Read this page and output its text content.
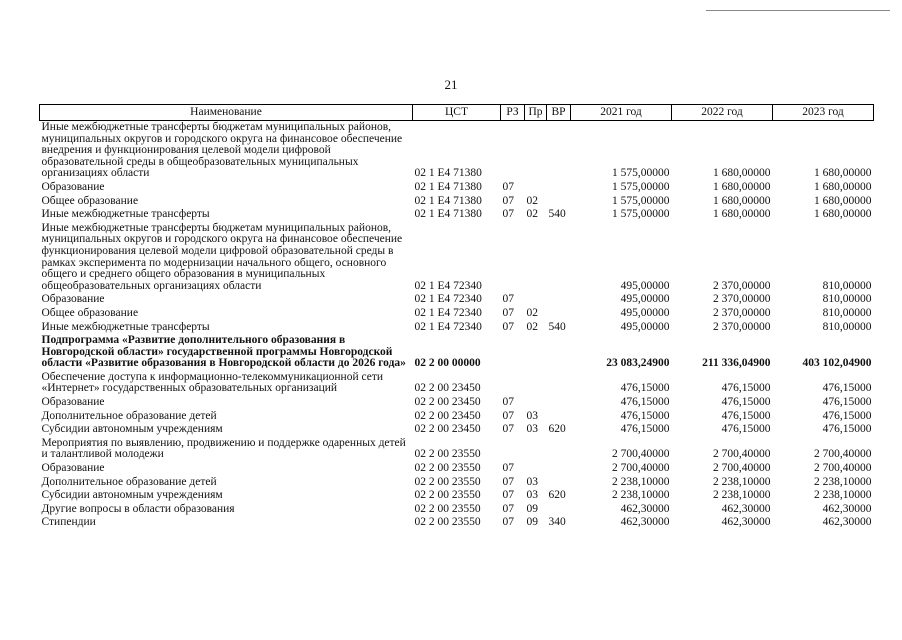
21
Наименование	ЦСТ	РЗ	Пр	ВР	2021 год	2022 год	2023 год
Иные межбюджетные трансферты бюджетам муниципальных районов, муниципальных округов и городского округа на финансовое обеспечение внедрения и функционирования целевой модели цифровой образовательной среды в общеобразовательных муниципальных организациях области	02 1 E4 71380				1 575,00000	1 680,00000	1 680,00000
Образование	02 1 E4 71380	07			1 575,00000	1 680,00000	1 680,00000
Общее образование	02 1 E4 71380	07	02		1 575,00000	1 680,00000	1 680,00000
Иные межбюджетные трансферты	02 1 E4 71380	07	02	540	1 575,00000	1 680,00000	1 680,00000
Иные межбюджетные трансферты бюджетам муниципальных районов, муниципальных округов и городского округа на финансовое обеспечение функционирования целевой модели цифровой образовательной среды в рамках эксперимента по модернизации начального общего, основного общего и среднего общего образования в муниципальных общеобразовательных организациях области	02 1 E4 72340				495,00000	2 370,00000	810,00000
Образование	02 1 E4 72340	07			495,00000	2 370,00000	810,00000
Общее образование	02 1 E4 72340	07	02		495,00000	2 370,00000	810,00000
Иные межбюджетные трансферты	02 1 E4 72340	07	02	540	495,00000	2 370,00000	810,00000
Подпрограмма «Развитие дополнительного образования в Новгородской области» государственной программы Новгородской области «Развитие образования в Новгородской области до 2026 года»	02 2 00 00000				23 083,24900	211 336,04900	403 102,04900
Обеспечение доступа к информационно-телекоммуникационной сети «Интернет» государственных образовательных организаций	02 2 00 23450				476,15000	476,15000	476,15000
Образование	02 2 00 23450	07			476,15000	476,15000	476,15000
Дополнительное образование детей	02 2 00 23450	07	03		476,15000	476,15000	476,15000
Субсидии автономным учреждениям	02 2 00 23450	07	03	620	476,15000	476,15000	476,15000
Мероприятия по выявлению, продвижению и поддержке одаренных детей и талантливой молодежи	02 2 00 23550				2 700,40000	2 700,40000	2 700,40000
Образование	02 2 00 23550	07			2 700,40000	2 700,40000	2 700,40000
Дополнительное образование детей	02 2 00 23550	07	03		2 238,10000	2 238,10000	2 238,10000
Субсидии автономным учреждениям	02 2 00 23550	07	03	620	2 238,10000	2 238,10000	2 238,10000
Другие вопросы в области образования	02 2 00 23550	07	09		462,30000	462,30000	462,30000
Стипендии	02 2 00 23550	07	09	340	462,30000	462,30000	462,30000
